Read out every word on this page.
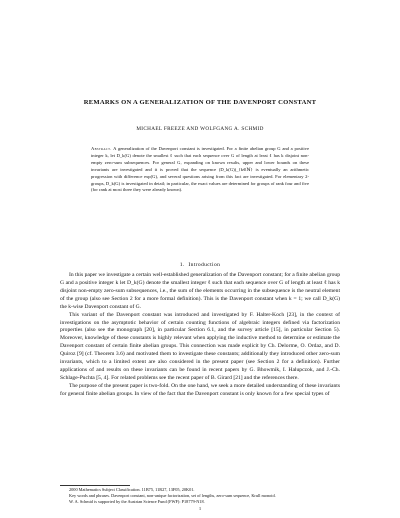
REMARKS ON A GENERALIZATION OF THE DAVENPORT CONSTANT
MICHAEL FREEZE AND WOLFGANG A. SCHMID

Abstract. A generalization of the Davenport constant is investigated. For a finite abelian group G and a positive integer k, let D_k(G) denote the smallest ℓ such that each sequence over G of length at least ℓ has k disjoint non-empty zero-sum subsequences. For general G, expanding on known results, upper and lower bounds on these invariants are investigated and it is proved that the sequence (D_k(G))_{k∈ℕ} is eventually an arithmetic progression with difference exp(G), and several questions arising from this fact are investigated. For elementary 2-groups, D_k(G) is investigated in detail; in particular, the exact values are determined for groups of rank four and five (for rank at most three they were already known).

1. Introduction

In this paper we investigate a certain well-established generalization of the Davenport constant; for a finite abelian group G and a positive integer k let D_k(G) denote the smallest integer ℓ such that each sequence over G of length at least ℓ has k disjoint non-empty zero-sum subsequences, i.e., the sum of the elements occurring in the subsequence is the neutral element of the group (also see Section 2 for a more formal definition). This is the Davenport constant when k = 1; we call D_k(G) the k-wise Davenport constant of G.

This variant of the Davenport constant was introduced and investigated by F. Halter-Koch [23], in the context of investigations on the asymptotic behavior of certain counting functions of algebraic integers defined via factorization properties (also see the monograph [20], in particular Section 6.1, and the survey article [15], in particular Section 5). Moreover, knowledge of these constants is highly relevant when applying the inductive method to determine or estimate the Davenport constant of certain finite abelian groups. This connection was made explicit by Ch. Delorme, O. Ordaz, and D. Quiroz [9] (cf. Theorem 3.6) and motivated them to investigate these constants; additionally they introduced other zero-sum invariants, which to a limited extent are also considered in the present paper (see Section 2 for a definition). Further applications of and results on these invariants can be found in recent papers by G. Bhowmik, I. Halupczok, and J.-Ch. Schlage-Puchta [5, 4]. For related problems see the recent paper of B. Girard [21] and the references there.

The purpose of the present paper is two-fold. On the one hand, we seek a more detailed understanding of these invariants for general finite abelian groups. In view of the fact that the Davenport constant is only known for a few special types of

2000 Mathematics Subject Classification. 11B75, 11R27, 13F05, 20K01.

Key words and phrases. Davenport constant, non-unique factorization, set of lengths, zero-sum sequence, Krull monoid.

W. A. Schmid is supported by the Austrian Science Fund (FWF): P18779-N18.

1
